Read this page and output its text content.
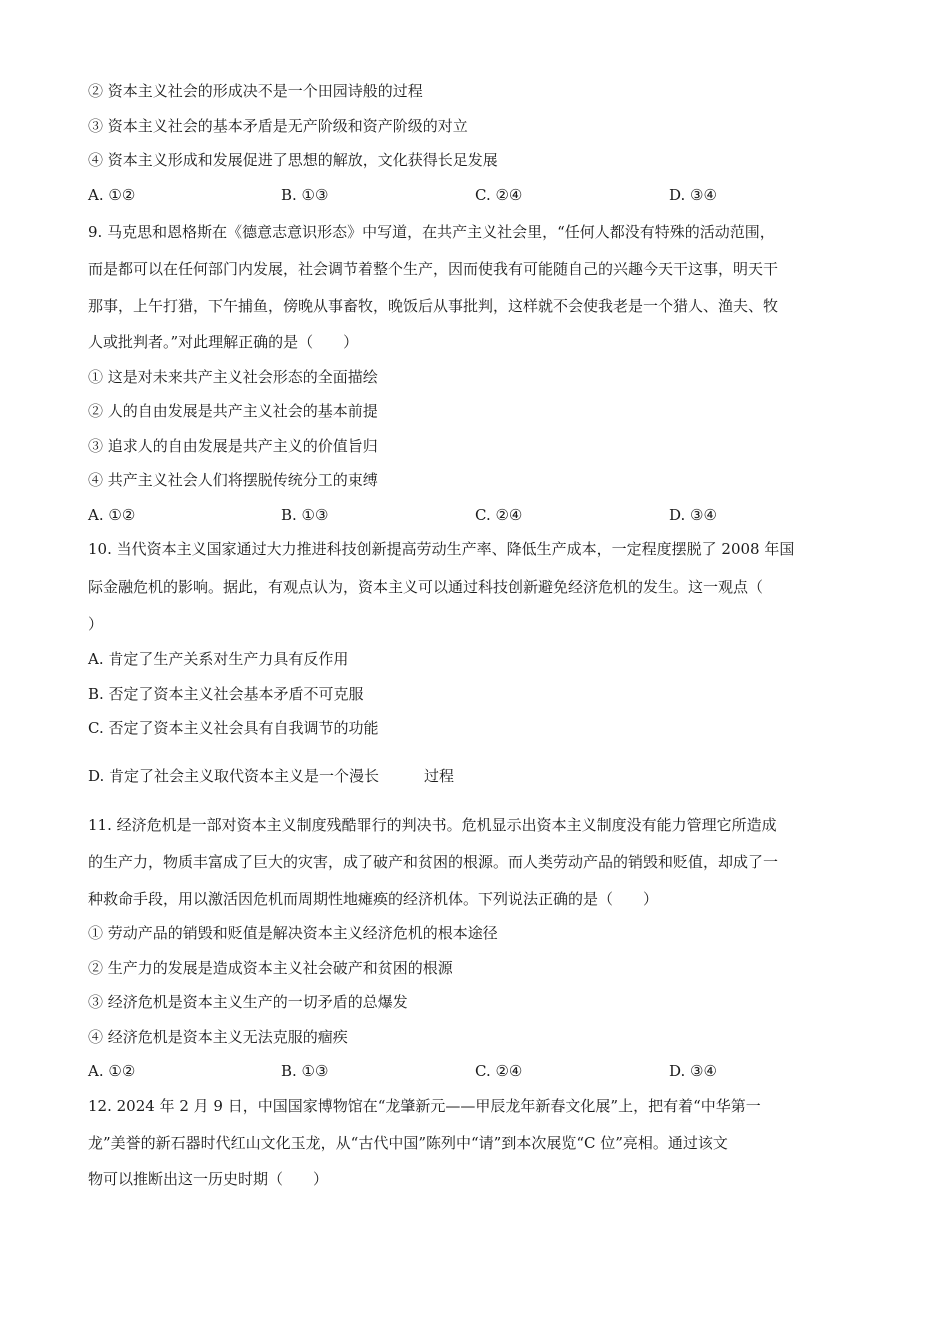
② 资本主义社会的形成决不是一个田园诗般的过程
③ 资本主义社会的基本矛盾是无产阶级和资产阶级的对立
④ 资本主义形成和发展促进了思想的解放，文化获得长足发展
A. ①②	B. ①③	C. ②④	D. ③④
9. 马克思和恩格斯在《德意志意识形态》中写道，在共产主义社会里，“任何人都没有特殊的活动范围，
而是都可以在任何部门内发展，社会调节着整个生产，因而使我有可能随自己的兴趣今天干这事，明天干
那事，上午打猎，下午捕鱼，傍晚从事畜牧，晚饭后从事批判，这样就不会使我老是一个猎人、渔夫、牧
人或批判者。”对此理解正确的是（　　）
① 这是对未来共产主义社会形态的全面描绘
② 人的自由发展是共产主义社会的基本前提
③ 追求人的自由发展是共产主义的价值旨归
④ 共产主义社会人们将摆脱传统分工的束缚
A. ①②	B. ①③	C. ②④	D. ③④
10. 当代资本主义国家通过大力推进科技创新提高劳动生产率、降低生产成本，一定程度摆脱了 2008 年国
际金融危机的影响。据此，有观点认为，资本主义可以通过科技创新避免经济危机的发生。这一观点（
）
A. 肯定了生产关系对生产力具有反作用
B. 否定了资本主义社会基本矛盾不可克服
C. 否定了资本主义社会具有自我调节的功能
D. 肯定了社会主义取代资本主义是一个漫长　　　过程
11. 经济危机是一部对资本主义制度残酷罪行的判决书。危机显示出资本主义制度没有能力管理它所造成
的生产力，物质丰富成了巨大的灾害，成了破产和贫困的根源。而人类劳动产品的销毁和贬值，却成了一
种救命手段，用以激活因危机而周期性地瘫痪的经济机体。下列说法正确的是（　　）
① 劳动产品的销毁和贬值是解决资本主义经济危机的根本途径
② 生产力的发展是造成资本主义社会破产和贫困的根源
③ 经济危机是资本主义生产的一切矛盾的总爆发
④ 经济危机是资本主义无法克服的痼疾
A. ①②	B. ①③	C. ②④	D. ③④
12. 2024 年 2 月 9 日，中国国家博物馆在“龙肇新元——甲辰龙年新春文化展”上，把有着“中华第一
龙”美誉的新石器时代红山文化玉龙，从“古代中国”陈列中“请”到本次展览“C 位”亮相。通过该文
物可以推断出这一历史时期（　　）
